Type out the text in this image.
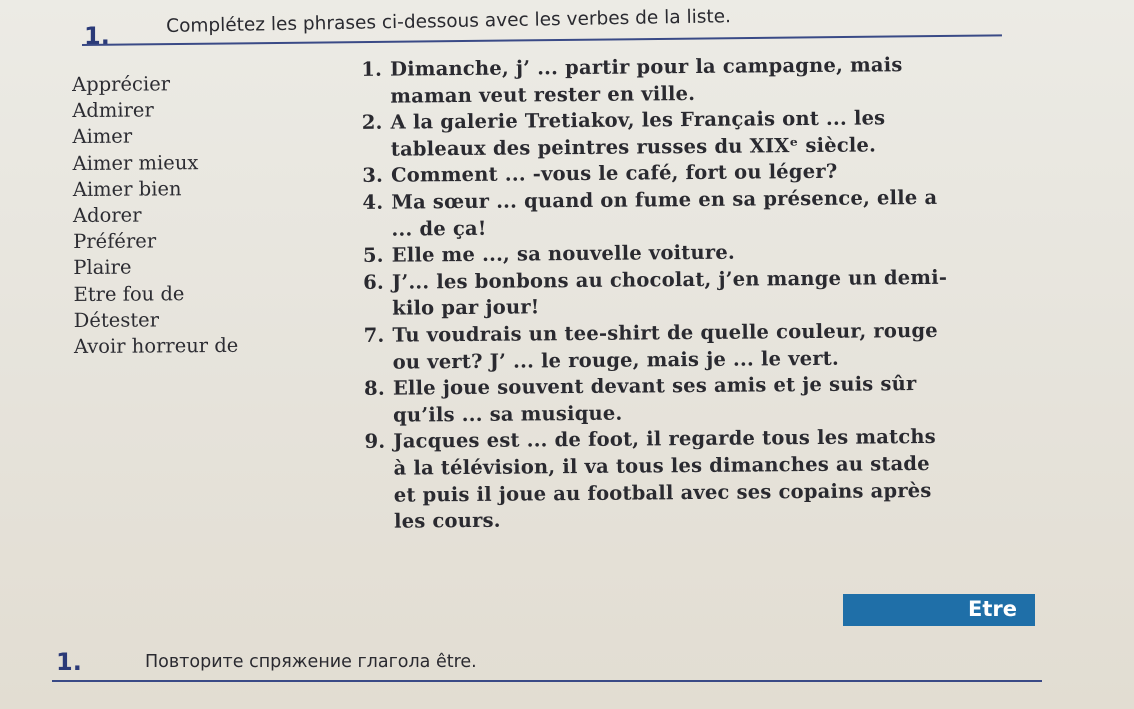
1.	Complétez les phrases ci-dessous avec les verbes de la liste.
Apprécier
Admirer
Aimer
Aimer mieux
Aimer bien
Adorer
Préférer
Plaire
Etre fou de
Détester
Avoir horreur de
1. Dimanche, j’ ... partir pour la campagne, mais
maman veut rester en ville.
2. A la galerie Tretiakov, les Français ont ... les
tableaux des peintres russes du XIXᵉ siècle.
3. Comment ... -vous le café, fort ou léger?
4. Ma sœur ... quand on fume en sa présence, elle a
... de ça!
5. Elle me ..., sa nouvelle voiture.
6. J’... les bonbons au chocolat, j’en mange un demi-
kilo par jour!
7. Tu voudrais un tee-shirt de quelle couleur, rouge
ou vert? J’ ... le rouge, mais je ... le vert.
8. Elle joue souvent devant ses amis et je suis sûr
qu’ils ... sa musique.
9. Jacques est ... de foot, il regarde tous les matchs
à la télévision, il va tous les dimanches au stade
et puis il joue au football avec ses copains après
les cours.
Etre
1.	Повторите спряжение глагола être.
